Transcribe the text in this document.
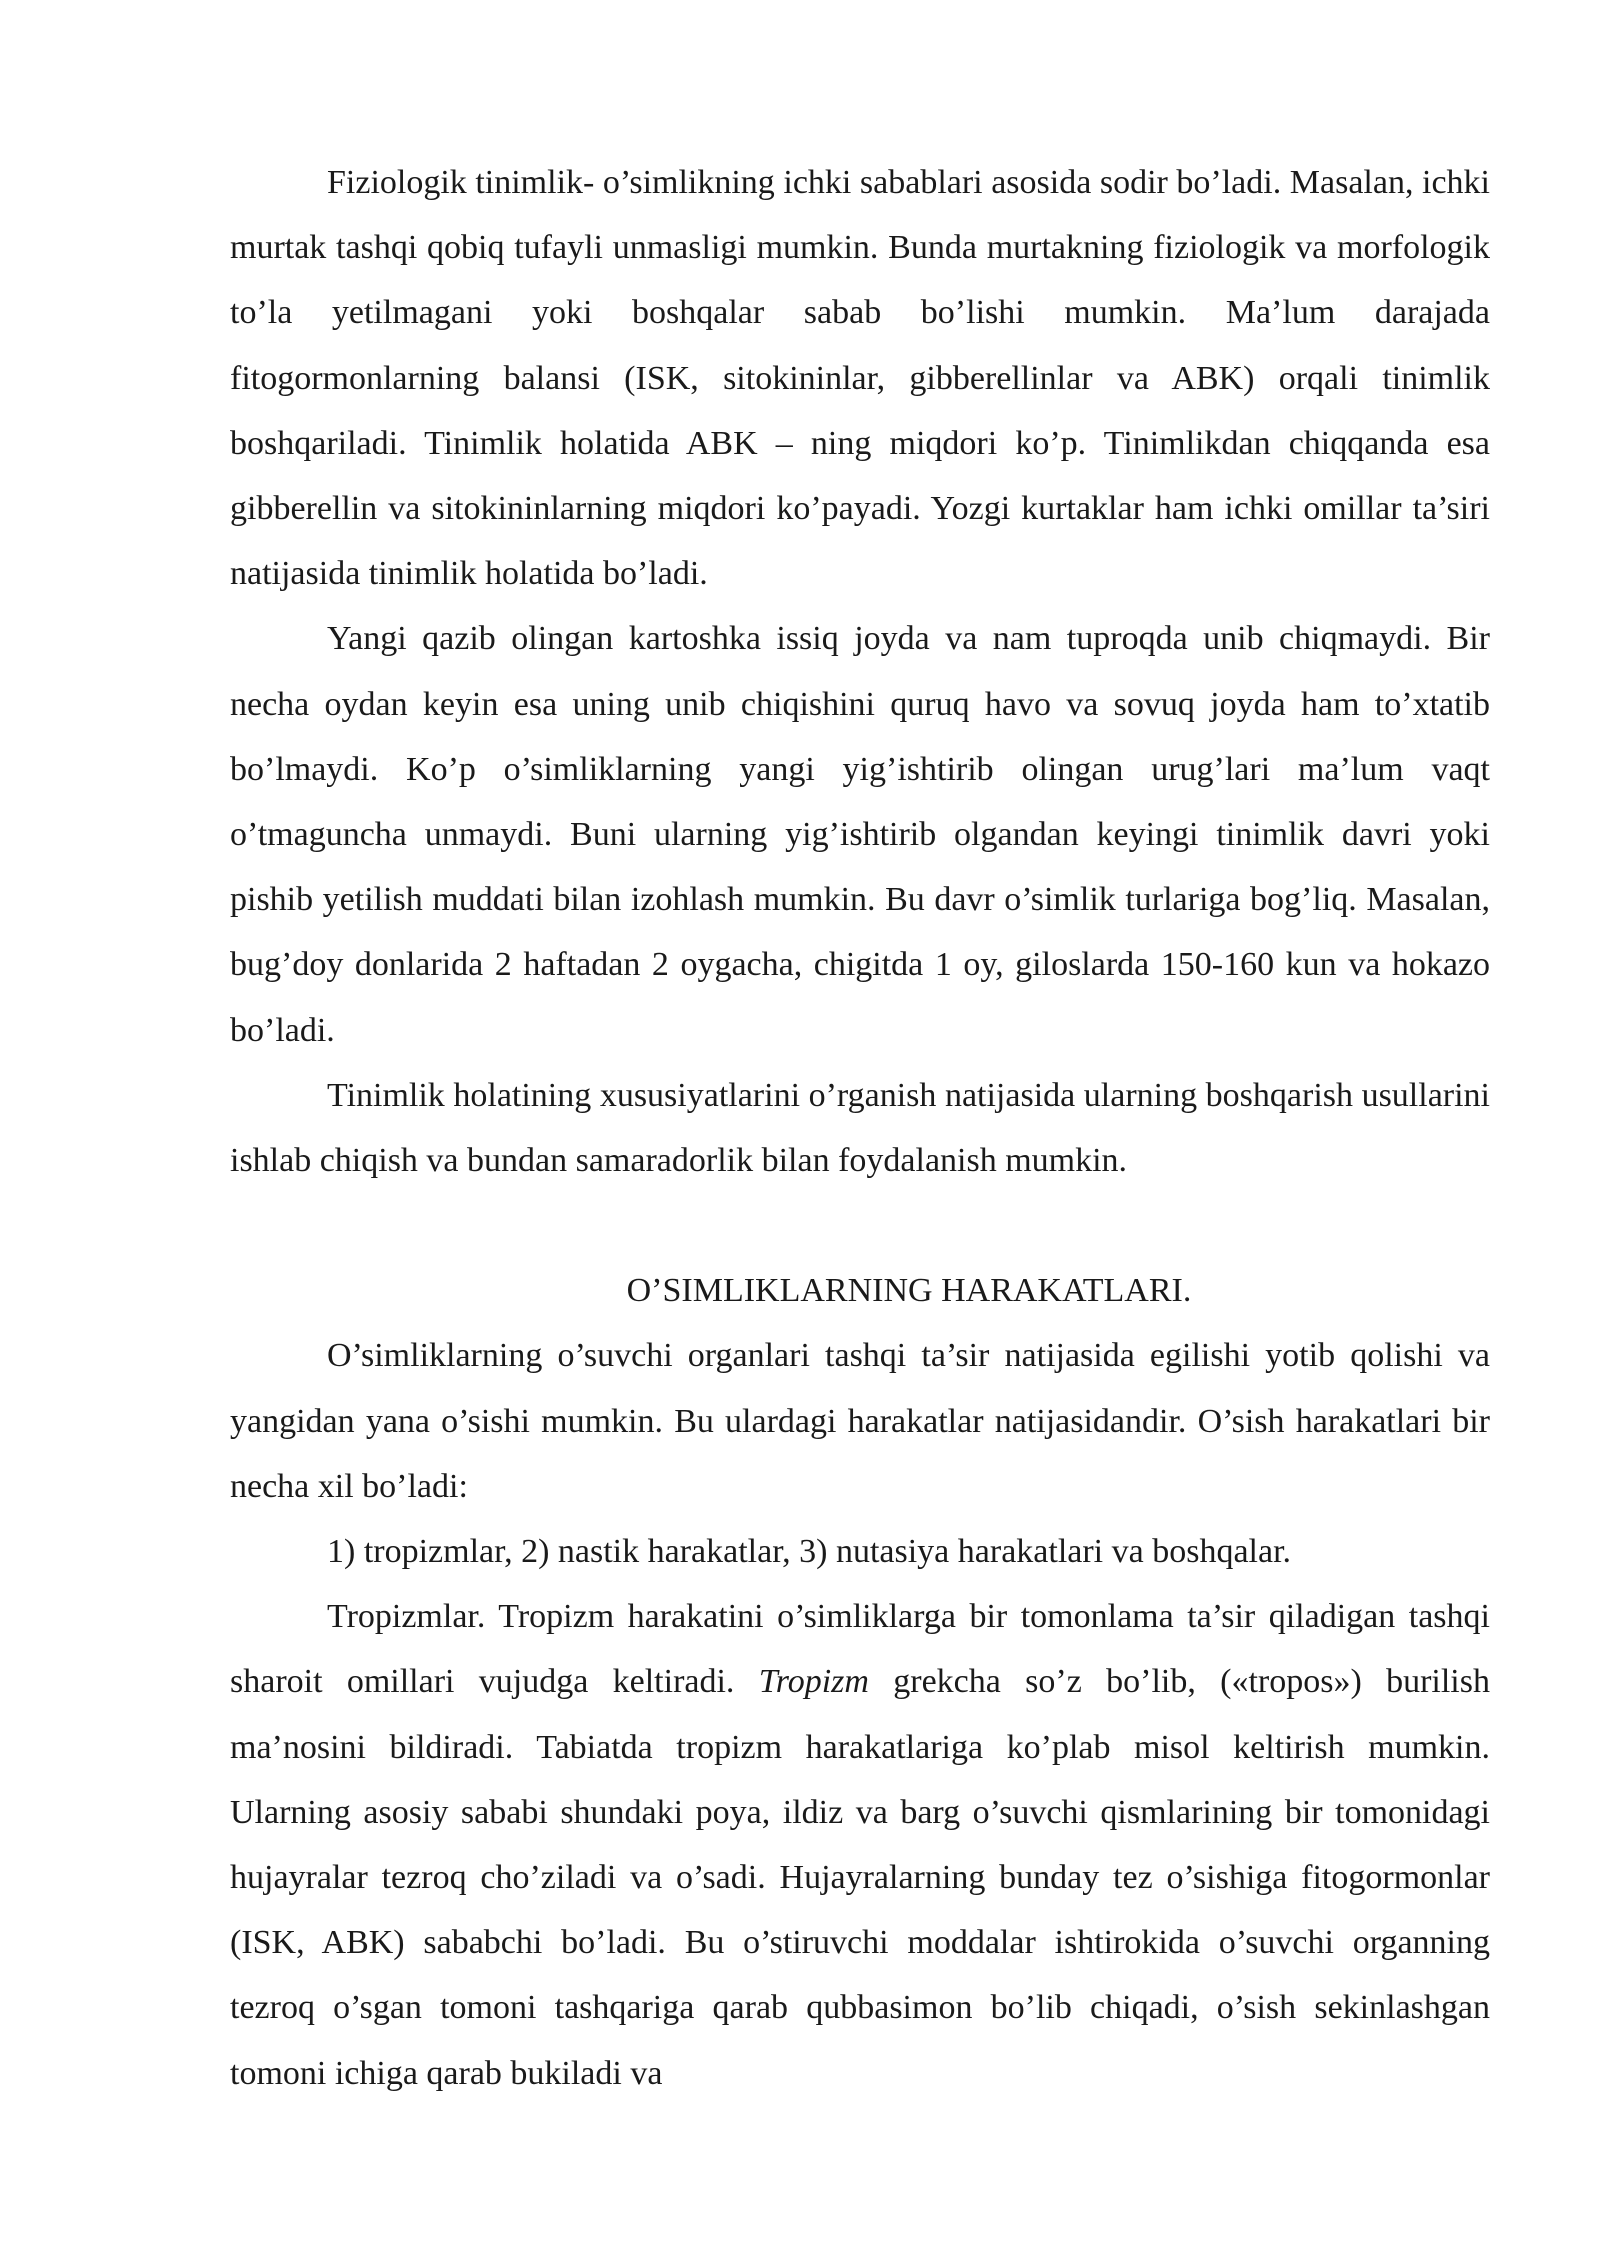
Fiziologik tinimlik- o’simlikning ichki sabablari asosida sodir bo’ladi. Masalan, ichki murtak tashqi qobiq tufayli unmasligi mumkin. Bunda murtakning fiziologik va morfologik to’la yetilmagani yoki boshqalar sabab bo’lishi mumkin. Ma’lum darajada fitogormonlarning balansi (ISK, sitokininlar, gibberellinlar va ABK) orqali tinimlik boshqariladi. Tinimlik holatida ABK – ning miqdori ko’p. Tinimlikdan chiqqanda esa gibberellin va sitokininlarning miqdori ko’payadi. Yozgi kurtaklar ham ichki omillar ta’siri natijasida tinimlik holatida bo’ladi.

Yangi qazib olingan kartoshka issiq joyda va nam tuproqda unib chiqmaydi. Bir necha oydan keyin esa uning unib chiqishini quruq havo va sovuq joyda ham to’xtatib bo’lmaydi. Ko’p o’simliklarning yangi yig’ishtirib olingan urug’lari ma’lum vaqt o’tmaguncha unmaydi. Buni ularning yig’ishtirib olgandan keyingi tinimlik davri yoki pishib yetilish muddati bilan izohlash mumkin. Bu davr o’simlik turlariga bog’liq. Masalan, bug’doy donlarida 2 haftadan 2 oygacha, chigitda 1 oy, giloslarda 150-160 kun va hokazo bo’ladi.

Tinimlik holatining xususiyatlarini o’rganish natijasida ularning boshqarish usullarini ishlab chiqish va bundan samaradorlik bilan foydalanish mumkin.

O’SIMLIKLARNING HARAKATLARI.

O’simliklarning o’suvchi organlari tashqi ta’sir natijasida egilishi yotib qolishi va yangidan yana o’sishi mumkin. Bu ulardagi harakatlar natijasidandir. O’sish harakatlari bir necha xil bo’ladi:

1) tropizmlar, 2) nastik harakatlar, 3) nutasiya harakatlari va boshqalar.

Tropizmlar. Tropizm harakatini o’simliklarga bir tomonlama ta’sir qiladigan tashqi sharoit omillari vujudga keltiradi. Tropizm grekcha so’z bo’lib, («tropos») burilish ma’nosini bildiradi. Tabiatda tropizm harakatlariga ko’plab misol keltirish mumkin. Ularning asosiy sababi shundaki poya, ildiz va barg o’suvchi qismlarining bir tomonidagi hujayralar tezroq cho’ziladi va o’sadi. Hujayralarning bunday tez o’sishiga fitogormonlar (ISK, ABK) sababchi bo’ladi. Bu o’stiruvchi moddalar ishtirokida o’suvchi organning tezroq o’sgan tomoni tashqariga qarab qubbasimon bo’lib chiqadi, o’sish sekinlashgan tomoni ichiga qarab bukiladi va
